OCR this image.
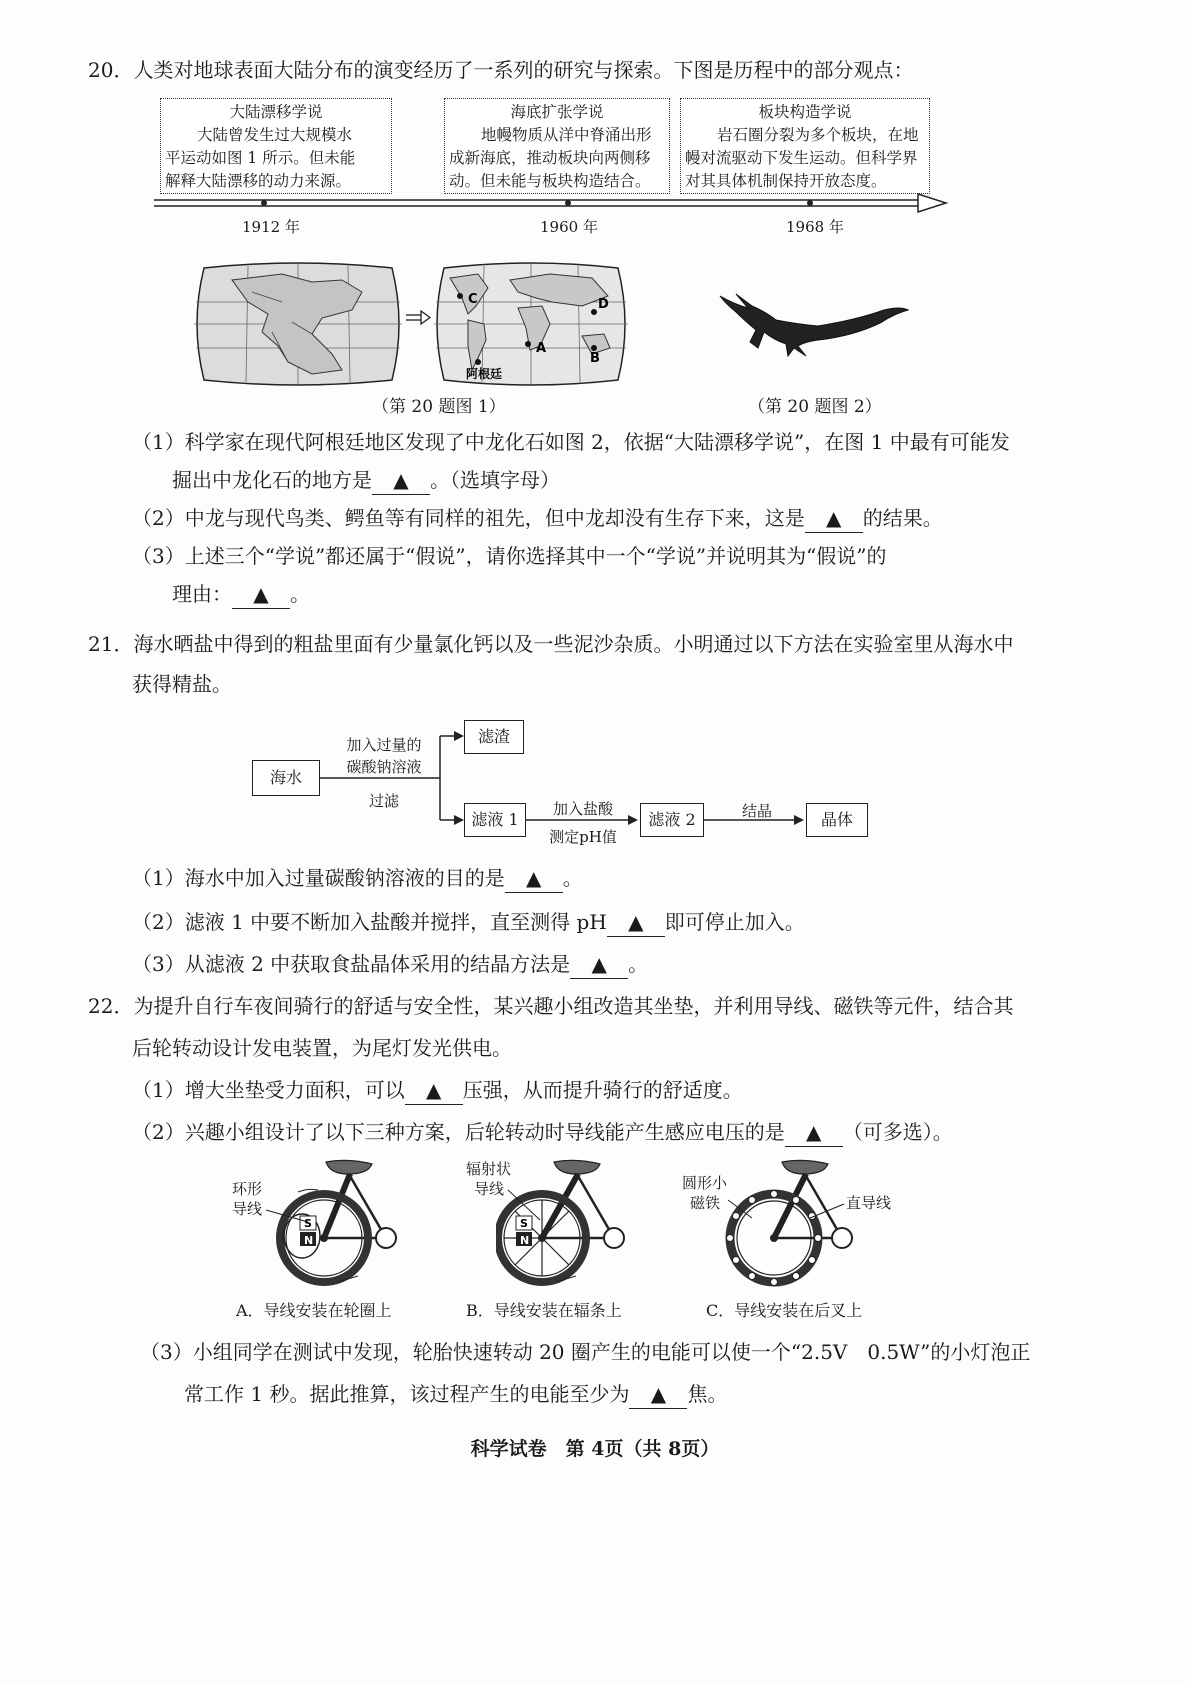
20．人类对地球表面大陆分布的演变经历了一系列的研究与探索。下图是历程中的部分观点：
大陆漂移学说
大陆曾发生过大规模水
平运动如图 1 所示。但未能
解释大陆漂移的动力来源。
海底扩张学说
地幔物质从洋中脊涌出形
成新海底，推动板块向两侧移
动。但未能与板块构造结合。
板块构造学说
岩石圈分裂为多个板块，在地
幔对流驱动下发生运动。但科学界
对其具体机制保持开放态度。
1912 年	1960 年	1968 年
C
A
D
B
阿根廷
（第 20 题图 1）	（第 20 题图 2）
（1）科学家在现代阿根廷地区发现了中龙化石如图 2，依据“大陆漂移学说”，在图 1 中最有可能发
掘出中龙化石的地方是 ▲ 。（选填字母）
（2）中龙与现代鸟类、鳄鱼等有同样的祖先，但中龙却没有生存下来，这是 ▲ 的结果。
（3）上述三个“学说”都还属于“假说”，请你选择其中一个“学说”并说明其为“假说”的
理由： ▲ 。
21．海水晒盐中得到的粗盐里面有少量氯化钙以及一些泥沙杂质。小明通过以下方法在实验室里从海水中
获得精盐。
海水
加入过量的
碳酸钠溶液
过滤
滤渣
滤液 1
加入盐酸
测定pH值
滤液 2	结晶	晶体
（1）海水中加入过量碳酸钠溶液的目的是 ▲ 。
（2）滤液 1 中要不断加入盐酸并搅拌，直至测得 pH ▲ 即可停止加入。
（3）从滤液 2 中获取食盐晶体采用的结晶方法是 ▲ 。
22．为提升自行车夜间骑行的舒适与安全性，某兴趣小组改造其坐垫，并利用导线、磁铁等元件，结合其
后轮转动设计发电装置，为尾灯发光供电。
（1）增大坐垫受力面积，可以 ▲ 压强，从而提升骑行的舒适度。
（2）兴趣小组设计了以下三种方案，后轮转动时导线能产生感应电压的是 ▲ （可多选）。
S
N
环形
导线
S
N
辐射状
导线	圆形小
磁铁	直导线
A．导线安装在轮圈上	B．导线安装在辐条上	C．导线安装在后叉上
（3）小组同学在测试中发现，轮胎快速转动 20 圈产生的电能可以使一个“2.5V　0.5W”的小灯泡正
常工作 1 秒。据此推算，该过程产生的电能至少为 ▲ 焦。
科学试卷　第 4页（共 8页）
